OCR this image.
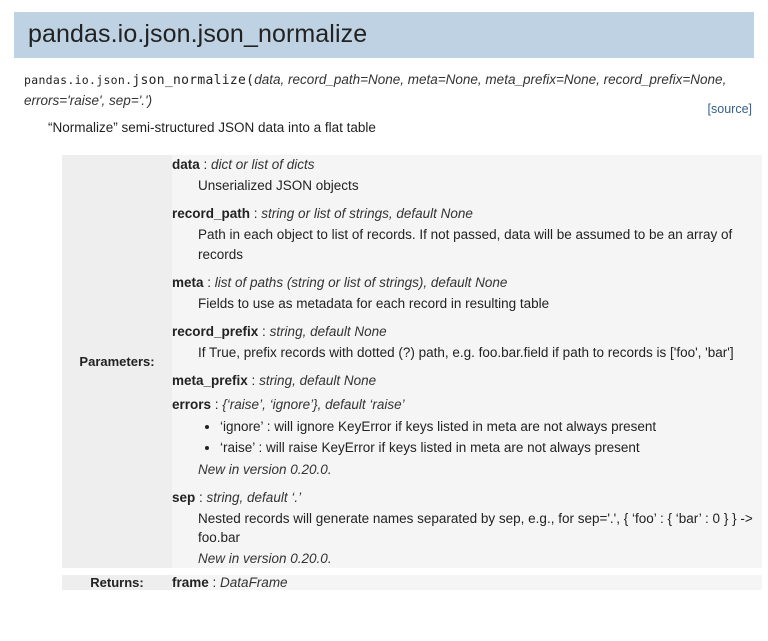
pandas.io.json.json_normalize
pandas.io.json.json_normalize(data, record_path=None, meta=None, meta_prefix=None, record_prefix=None,
errors='raise', sep='.')
[source]
“Normalize” semi-structured JSON data into a flat table
Parameters:	
data : dict or list of dicts
Unserialized JSON objects
record_path : string or list of strings, default None
Path in each object to list of records. If not passed, data will be assumed to be an array of records
meta : list of paths (string or list of strings), default None
Fields to use as metadata for each record in resulting table
record_prefix : string, default None
If True, prefix records with dotted (?) path, e.g. foo.bar.field if path to records is ['foo', 'bar']
meta_prefix : string, default None
errors : {‘raise’, ‘ignore’}, default ‘raise’
• ‘ignore’ : will ignore KeyError if keys listed in meta are not always present
• ‘raise’ : will raise KeyError if keys listed in meta are not always present
New in version 0.20.0.
sep : string, default ‘.’
Nested records will generate names separated by sep, e.g., for sep='.', { ‘foo’ : { ‘bar’ : 0 } } -> foo.bar
New in version 0.20.0.

Returns:	frame : DataFrame
